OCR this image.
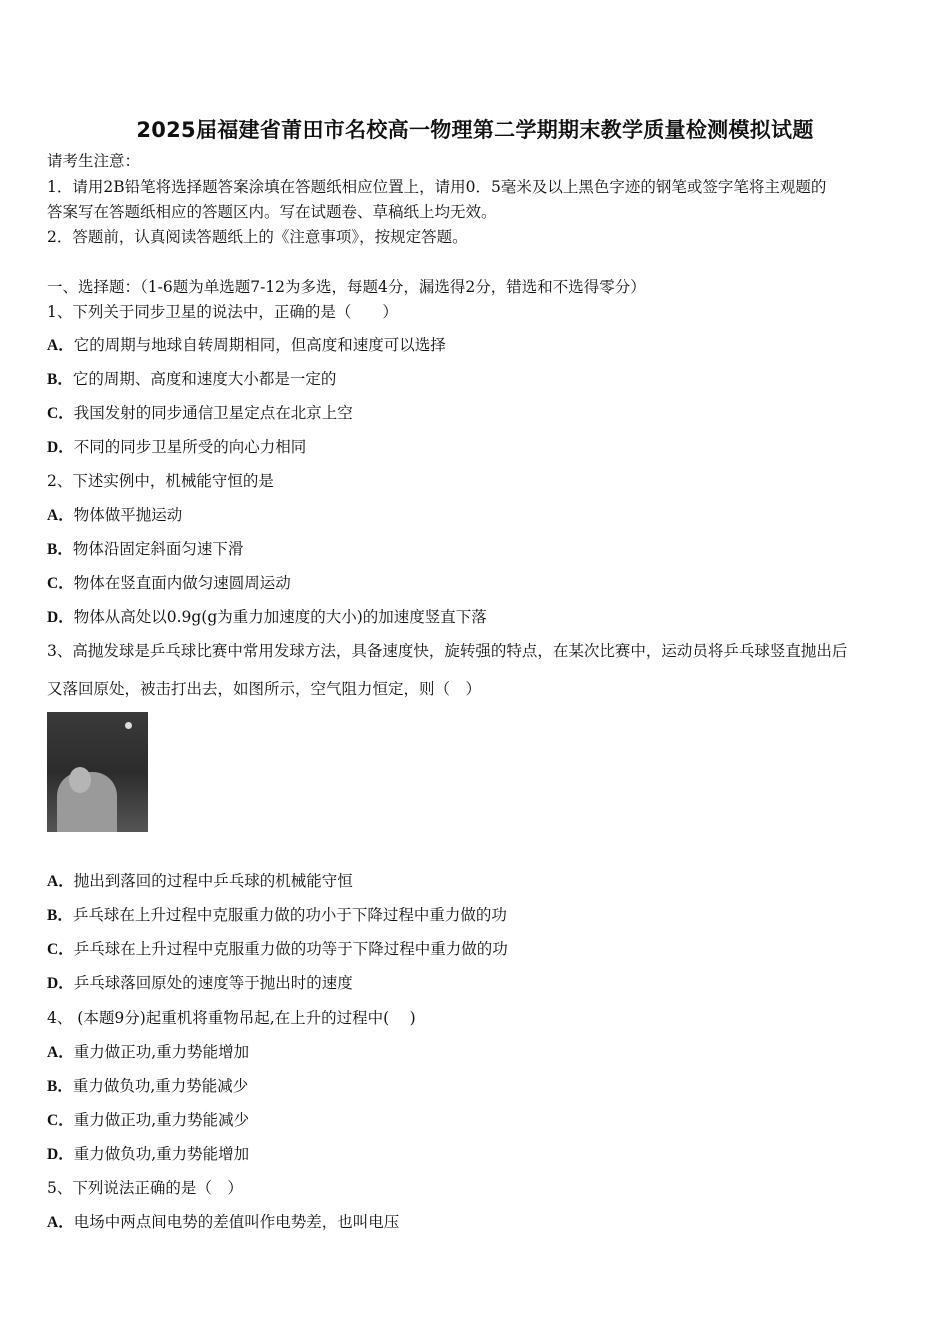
2025届福建省莆田市名校高一物理第二学期期末教学质量检测模拟试题
请考生注意：
1．请用2B铅笔将选择题答案涂填在答题纸相应位置上，请用0．5毫米及以上黑色字迹的钢笔或签字笔将主观题的
答案写在答题纸相应的答题区内。写在试题卷、草稿纸上均无效。
2．答题前，认真阅读答题纸上的《注意事项》，按规定答题。
一、选择题：（1-6题为单选题7-12为多选，每题4分，漏选得2分，错选和不选得零分）
1、下列关于同步卫星的说法中，正确的是（　　）
A．它的周期与地球自转周期相同，但高度和速度可以选择
B．它的周期、高度和速度大小都是一定的
C．我国发射的同步通信卫星定点在北京上空
D．不同的同步卫星所受的向心力相同
2、下述实例中，机械能守恒的是
A．物体做平抛运动
B．物体沿固定斜面匀速下滑
C．物体在竖直面内做匀速圆周运动
D．物体从高处以0.9g(g为重力加速度的大小)的加速度竖直下落
3、高抛发球是乒乓球比赛中常用发球方法，具备速度快，旋转强的特点，在某次比赛中，运动员将乒乓球竖直抛出后
又落回原处，被击打出去，如图所示，空气阻力恒定，则（　）
A．抛出到落回的过程中乒乓球的机械能守恒
B．乒乓球在上升过程中克服重力做的功小于下降过程中重力做的功
C．乒乓球在上升过程中克服重力做的功等于下降过程中重力做的功
D．乒乓球落回原处的速度等于抛出时的速度
4、 (本题9分)起重机将重物吊起,在上升的过程中(　 )
A．重力做正功,重力势能增加
B．重力做负功,重力势能减少
C．重力做正功,重力势能减少
D．重力做负功,重力势能增加
5、下列说法正确的是（　）
A．电场中两点间电势的差值叫作电势差，也叫电压
